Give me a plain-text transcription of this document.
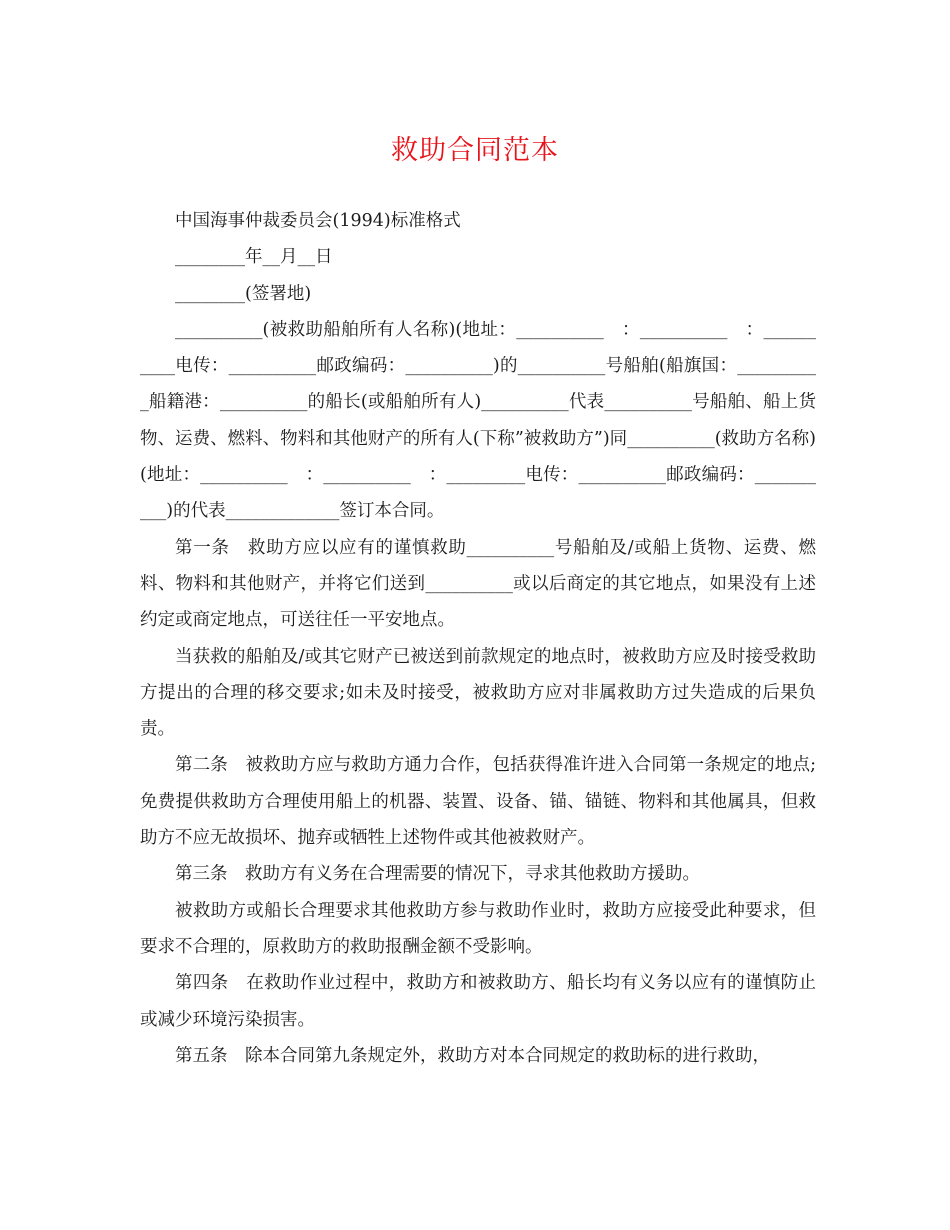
救助合同范本

中国海事仲裁委员会(1994)标准格式

________年__月__日

________(签署地)

__________(被救助船舶所有人名称)(地址：__________　：__________　：__________电传：__________邮政编码：__________)的__________号船舶(船旗国：__________船籍港：__________的船长(或船舶所有人)__________代表__________号船舶、船上货物、运费、燃料、物料和其他财产的所有人(下称”被救助方”)同__________(救助方名称)(地址：__________　：__________　：_________电传：__________邮政编码：__________)的代表_____________签订本合同。

第一条　救助方应以应有的谨慎救助__________号船舶及/或船上货物、运费、燃料、物料和其他财产，并将它们送到__________或以后商定的其它地点，如果没有上述约定或商定地点，可送往任一平安地点。

当获救的船舶及/或其它财产已被送到前款规定的地点时，被救助方应及时接受救助方提出的合理的移交要求;如未及时接受，被救助方应对非属救助方过失造成的后果负责。

第二条　被救助方应与救助方通力合作，包括获得准许进入合同第一条规定的地点;免费提供救助方合理使用船上的机器、装置、设备、锚、锚链、物料和其他属具，但救助方不应无故损坏、抛弃或牺牲上述物件或其他被救财产。

第三条　救助方有义务在合理需要的情况下，寻求其他救助方援助。

被救助方或船长合理要求其他救助方参与救助作业时，救助方应接受此种要求，但要求不合理的，原救助方的救助报酬金额不受影响。

第四条　在救助作业过程中，救助方和被救助方、船长均有义务以应有的谨慎防止或减少环境污染损害。

第五条　除本合同第九条规定外，救助方对本合同规定的救助标的进行救助，
